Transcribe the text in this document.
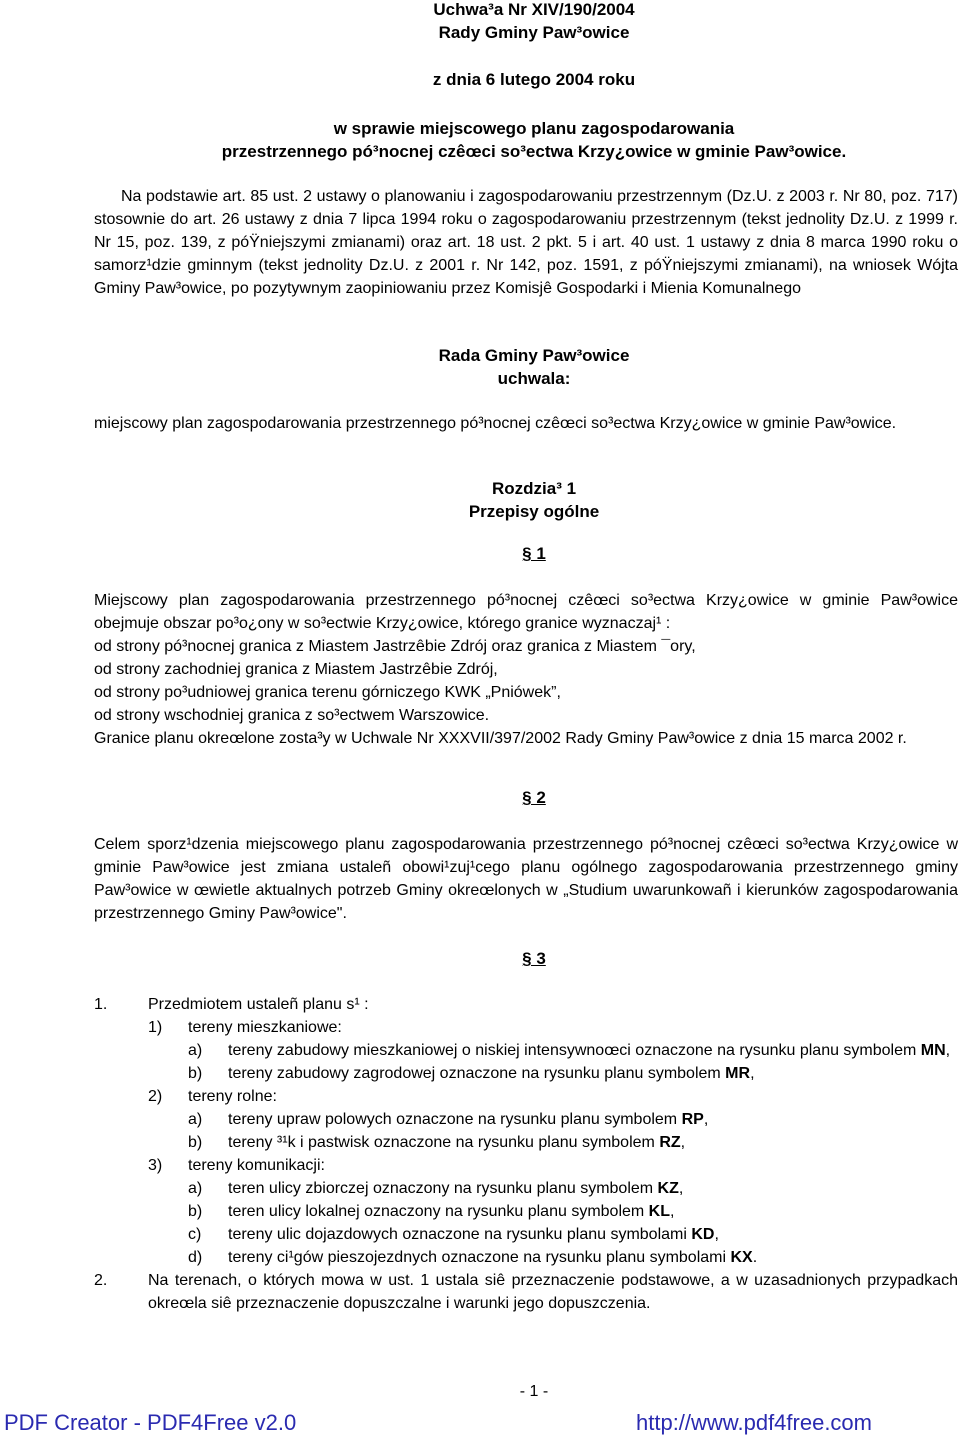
Uchwa³a Nr XIV/190/2004
Rady Gminy Paw³owice
z dnia 6 lutego 2004 roku
w sprawie miejscowego planu zagospodarowania
przestrzennego pó³nocnej czêœci so³ectwa Krzy¿owice w gminie Paw³owice.
Na podstawie art. 85 ust. 2 ustawy o planowaniu i zagospodarowaniu przestrzennym (Dz.U. z 2003 r. Nr 80, poz. 717) stosownie do art. 26 ustawy z dnia 7 lipca 1994 roku o zagospodarowaniu przestrzennym (tekst jednolity Dz.U. z 1999 r. Nr 15, poz. 139, z póŸniejszymi zmianami) oraz art. 18 ust. 2 pkt. 5 i art. 40 ust. 1 ustawy z dnia 8 marca 1990 roku o samorz¹dzie gminnym (tekst jednolity Dz.U. z 2001 r. Nr 142, poz. 1591, z póŸniejszymi zmianami), na wniosek Wójta Gminy Paw³owice, po pozytywnym zaopiniowaniu przez Komisjê Gospodarki i Mienia Komunalnego
Rada Gminy Paw³owice
uchwala:
miejscowy plan zagospodarowania przestrzennego pó³nocnej czêœci so³ectwa Krzy¿owice w gminie Paw³owice.
Rozdzia³ 1
Przepisy ogólne
§ 1
Miejscowy plan zagospodarowania przestrzennego pó³nocnej czêœci so³ectwa Krzy¿owice w gminie Paw³owice obejmuje obszar po³o¿ony w so³ectwie Krzy¿owice, którego granice wyznaczaj¹ :
od strony pó³nocnej granica z Miastem Jastrzêbie Zdrój oraz granica z Miastem ¯ory,
od strony zachodniej granica z Miastem Jastrzêbie Zdrój,
od strony po³udniowej granica terenu górniczego KWK „Pniówek”,
od strony wschodniej granica z so³ectwem Warszowice.
Granice planu okreœlone zosta³y w Uchwale Nr XXXVII/397/2002 Rady Gminy Paw³owice z dnia 15 marca 2002 r.
§ 2
Celem sporz¹dzenia miejscowego planu zagospodarowania przestrzennego pó³nocnej czêœci so³ectwa Krzy¿owice w gminie Paw³owice jest zmiana ustaleñ obowi¹zuj¹cego planu ogólnego zagospodarowania przestrzennego gminy Paw³owice w œwietle aktualnych potrzeb Gminy okreœlonych w „Studium uwarunkowañ i kierunków zagospodarowania przestrzennego Gminy Paw³owice".
§ 3
1.	Przedmiotem ustaleñ planu s¹ :
1) tereny mieszkaniowe:
a) tereny zabudowy mieszkaniowej o niskiej intensywnoœci oznaczone na rysunku planu symbolem MN,
b) tereny zabudowy zagrodowej oznaczone na rysunku planu symbolem MR,
2) tereny rolne:
a) tereny upraw polowych oznaczone na rysunku planu symbolem RP,
b) tereny ³¹k i pastwisk oznaczone na rysunku planu symbolem RZ,
3) tereny komunikacji:
a) teren ulicy zbiorczej oznaczony na rysunku planu symbolem KZ,
b) teren ulicy lokalnej oznaczony na rysunku planu symbolem KL,
c) tereny ulic dojazdowych oznaczone na rysunku planu symbolami KD,
d) tereny ci¹gów pieszojezdnych oznaczone na rysunku planu symbolami KX.
2.	Na terenach, o których mowa w ust. 1 ustala siê przeznaczenie podstawowe, a w uzasadnionych przypadkach okreœla siê przeznaczenie dopuszczalne i warunki jego dopuszczenia.
- 1 -
PDF Creator - PDF4Free v2.0	http://www.pdf4free.com
